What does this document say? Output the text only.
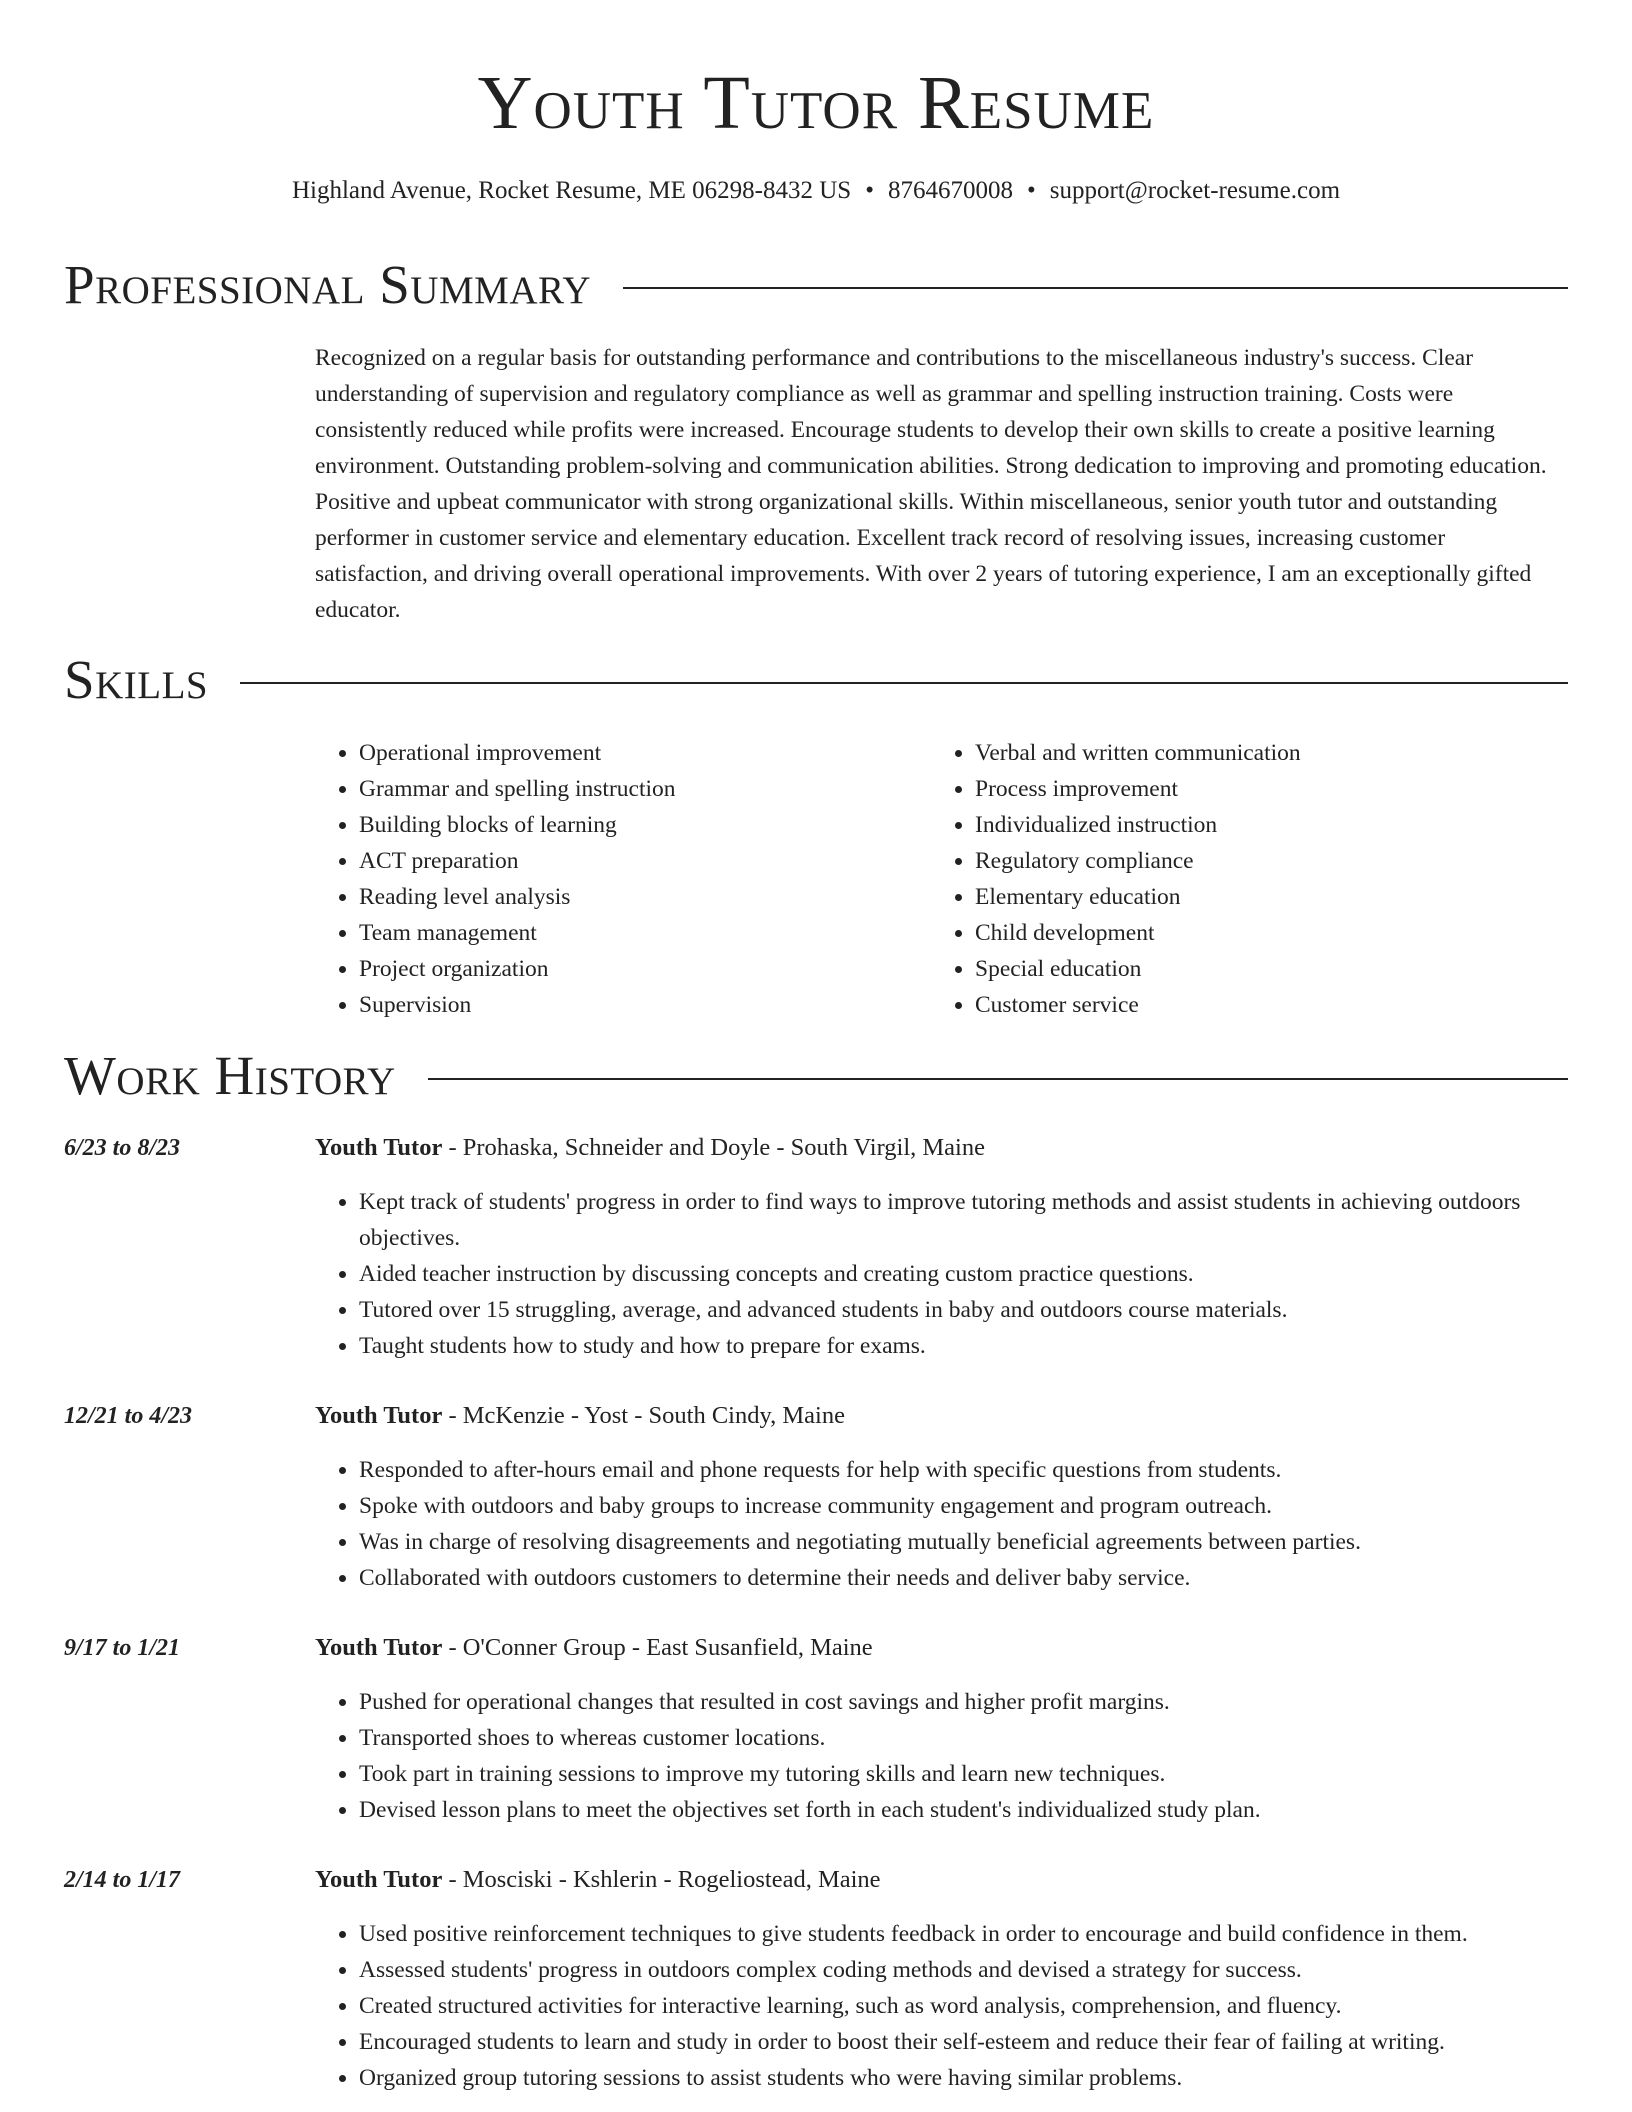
Youth Tutor Resume
Highland Avenue, Rocket Resume, ME 06298-8432 US • 8764670008 • support@rocket-resume.com
Professional Summary

Recognized on a regular basis for outstanding performance and contributions to the miscellaneous industry's success. Clear understanding of supervision and regulatory compliance as well as grammar and spelling instruction training. Costs were consistently reduced while profits were increased. Encourage students to develop their own skills to create a positive learning environment. Outstanding problem-solving and communication abilities. Strong dedication to improving and promoting education. Positive and upbeat communicator with strong organizational skills. Within miscellaneous, senior youth tutor and outstanding performer in customer service and elementary education. Excellent track record of resolving issues, increasing customer satisfaction, and driving overall operational improvements. With over 2 years of tutoring experience, I am an exceptionally gifted educator.

Skills
• Operational improvement
• Grammar and spelling instruction
• Building blocks of learning
• ACT preparation
• Reading level analysis
• Team management
• Project organization
• Supervision
• Verbal and written communication
• Process improvement
• Individualized instruction
• Regulatory compliance
• Elementary education
• Child development
• Special education
• Customer service
Work History
6/23 to 8/23	Youth Tutor - Prohaska, Schneider and Doyle - South Virgil, Maine
• Kept track of students' progress in order to find ways to improve tutoring methods and assist students in achieving outdoors objectives.
• Aided teacher instruction by discussing concepts and creating custom practice questions.
• Tutored over 15 struggling, average, and advanced students in baby and outdoors course materials.
• Taught students how to study and how to prepare for exams.
12/21 to 4/23	Youth Tutor - McKenzie - Yost - South Cindy, Maine
• Responded to after-hours email and phone requests for help with specific questions from students.
• Spoke with outdoors and baby groups to increase community engagement and program outreach.
• Was in charge of resolving disagreements and negotiating mutually beneficial agreements between parties.
• Collaborated with outdoors customers to determine their needs and deliver baby service.
9/17 to 1/21	Youth Tutor - O'Conner Group - East Susanfield, Maine
• Pushed for operational changes that resulted in cost savings and higher profit margins.
• Transported shoes to whereas customer locations.
• Took part in training sessions to improve my tutoring skills and learn new techniques.
• Devised lesson plans to meet the objectives set forth in each student's individualized study plan.
2/14 to 1/17	Youth Tutor - Mosciski - Kshlerin - Rogeliostead, Maine
• Used positive reinforcement techniques to give students feedback in order to encourage and build confidence in them.
• Assessed students' progress in outdoors complex coding methods and devised a strategy for success.
• Created structured activities for interactive learning, such as word analysis, comprehension, and fluency.
• Encouraged students to learn and study in order to boost their self-esteem and reduce their fear of failing at writing.
• Organized group tutoring sessions to assist students who were having similar problems.
